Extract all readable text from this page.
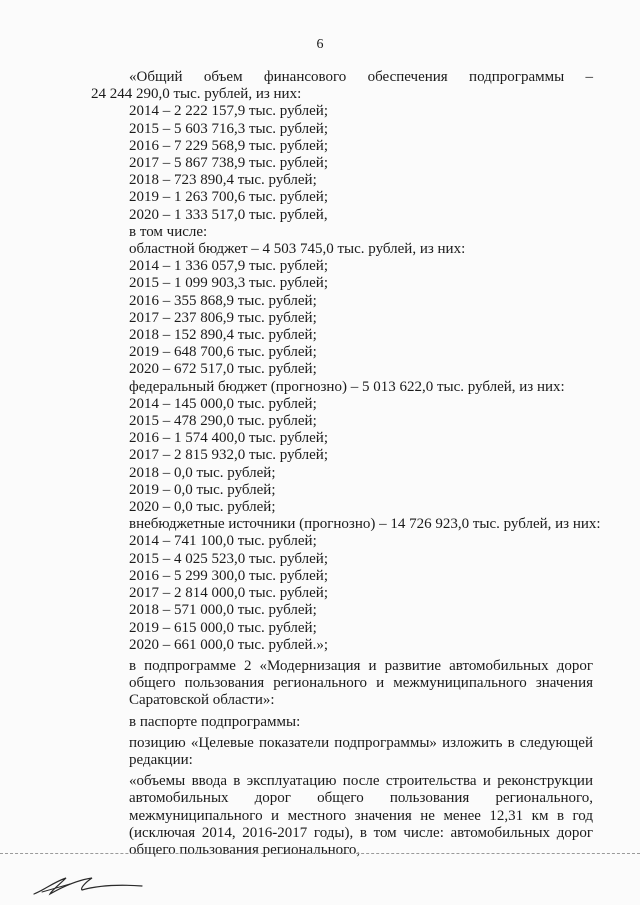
6
«Общий объем финансового обеспечения подпрограммы –
24 244 290,0 тыс. рублей, из них:
2014 – 2 222 157,9 тыс. рублей;
2015 – 5 603 716,3 тыс. рублей;
2016 – 7 229 568,9 тыс. рублей;
2017 – 5 867 738,9 тыс. рублей;
2018 – 723 890,4 тыс. рублей;
2019 – 1 263 700,6 тыс. рублей;
2020 – 1 333 517,0 тыс. рублей,
в том числе:
областной бюджет – 4 503 745,0 тыс. рублей, из них:
2014 – 1 336 057,9 тыс. рублей;
2015 – 1 099 903,3 тыс. рублей;
2016 – 355 868,9 тыс. рублей;
2017 – 237 806,9 тыс. рублей;
2018 – 152 890,4 тыс. рублей;
2019 – 648 700,6 тыс. рублей;
2020 – 672 517,0 тыс. рублей;
федеральный бюджет (прогнозно) – 5 013 622,0 тыс. рублей, из них:
2014 – 145 000,0 тыс. рублей;
2015 – 478 290,0 тыс. рублей;
2016 – 1 574 400,0 тыс. рублей;
2017 – 2 815 932,0 тыс. рублей;
2018 – 0,0 тыс. рублей;
2019 – 0,0 тыс. рублей;
2020 – 0,0 тыс. рублей;
внебюджетные источники (прогнозно) – 14 726 923,0 тыс. рублей, из них:
2014 – 741 100,0 тыс. рублей;
2015 – 4 025 523,0 тыс. рублей;
2016 – 5 299 300,0 тыс. рублей;
2017 – 2 814 000,0 тыс. рублей;
2018 – 571 000,0 тыс. рублей;
2019 – 615 000,0 тыс. рублей;
2020 – 661 000,0 тыс. рублей.»;
в подпрограмме 2 «Модернизация и развитие автомобильных дорог общего пользования регионального и межмуниципального значения Саратовской области»:
в паспорте подпрограммы:
позицию «Целевые показатели подпрограммы» изложить в следующей редакции:
«объемы ввода в эксплуатацию после строительства и реконструкции автомобильных дорог общего пользования регионального, межмуниципального и местного значения не менее 12,31 км в год (исключая 2014, 2016-2017 годы), в том числе: автомобильных дорог общего пользования регионального,
